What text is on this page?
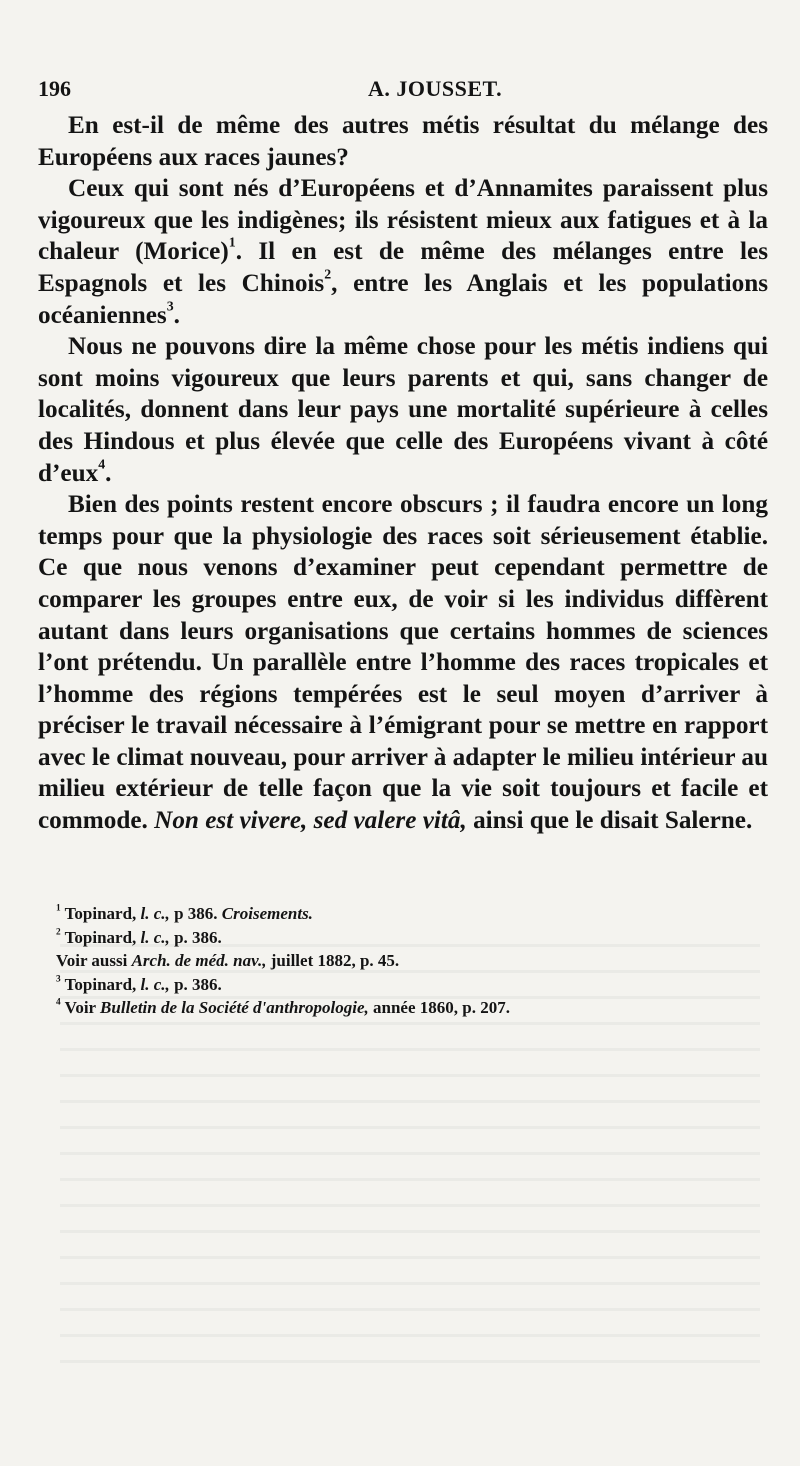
196	A. JOUSSET.

En est-il de même des autres métis résultat du mélange des Européens aux races jaunes?

Ceux qui sont nés d’Européens et d’Annamites paraissent plus vigoureux que les indigènes; ils résistent mieux aux fatigues et à la chaleur (Morice)$^1$. Il en est de même des mélanges entre les Espagnols et les Chinois$^2$, entre les Anglais et les populations océaniennes$^3$.

Nous ne pouvons dire la même chose pour les métis indiens qui sont moins vigoureux que leurs parents et qui, sans changer de localités, donnent dans leur pays une mortalité supérieure à celles des Hindous et plus élevée que celle des Européens vivant à côté d’eux$^4$.

Bien des points restent encore obscurs ; il faudra encore un long temps pour que la physiologie des races soit sérieusement établie. Ce que nous venons d’examiner peut cependant permettre de comparer les groupes entre eux, de voir si les individus diffèrent autant dans leurs organisations que certains hommes de sciences l’ont prétendu. Un parallèle entre l’homme des races tropicales et l’homme des régions tempérées est le seul moyen d’arriver à préciser le travail nécessaire à l’émigrant pour se mettre en rapport avec le climat nouveau, pour arriver à adapter le milieu intérieur au milieu extérieur de telle façon que la vie soit toujours et facile et commode. Non est vivere, sed valere vitâ, ainsi que le disait Salerne.

$^1$ Topinard, l. c., p 386. Croisements.

$^2$ Topinard, l. c., p. 386.

Voir aussi Arch. de méd. nav., juillet 1882, p. 45.

$^3$ Topinard, l. c., p. 386.

$^4$ Voir Bulletin de la Société d'anthropologie, année 1860, p. 207.
